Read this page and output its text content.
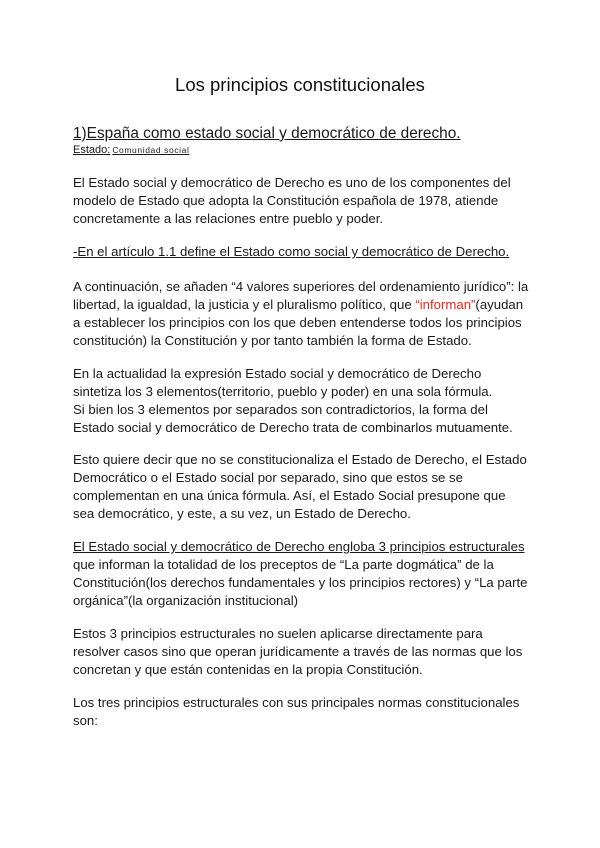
Los principios constitucionales
1)España como estado social y democrático de derecho.
Estado: Comunidad social
El Estado social y democrático de Derecho es uno de los componentes del
modelo de Estado que adopta la Constitución española de 1978, atiende
concretamente a las relaciones entre pueblo y poder.
-En el artículo 1.1 define el Estado como social y democrático de Derecho.
A continuación, se añaden “4 valores superiores del ordenamiento jurídico”: la
libertad, la igualdad, la justicia y el pluralismo político, que “informan”(ayudan
a establecer los principios con los que deben entenderse todos los principios
constitución) la Constitución y por tanto también la forma de Estado.
En la actualidad la expresión Estado social y democrático de Derecho
sintetiza los 3 elementos(territorio, pueblo y poder) en una sola fórmula.
Si bien los 3 elementos por separados son contradictorios, la forma del
Estado social y democrático de Derecho trata de combinarlos mutuamente.
Esto quiere decir que no se constitucionaliza el Estado de Derecho, el Estado
Democrático o el Estado social por separado, sino que estos se se
complementan en una única fórmula. Así, el Estado Social presupone que
sea democrático, y este, a su vez, un Estado de Derecho.
El Estado social y democrático de Derecho engloba 3 principios estructurales
que informan la totalidad de los preceptos de “La parte dogmática” de la
Constitución(los derechos fundamentales y los principios rectores) y “La parte
orgánica”(la organización institucional)
Estos 3 principios estructurales no suelen aplicarse directamente para
resolver casos sino que operan jurídicamente a través de las normas que los
concretan y que están contenidas en la propia Constitución.
Los tres principios estructurales con sus principales normas constitucionales
son:
